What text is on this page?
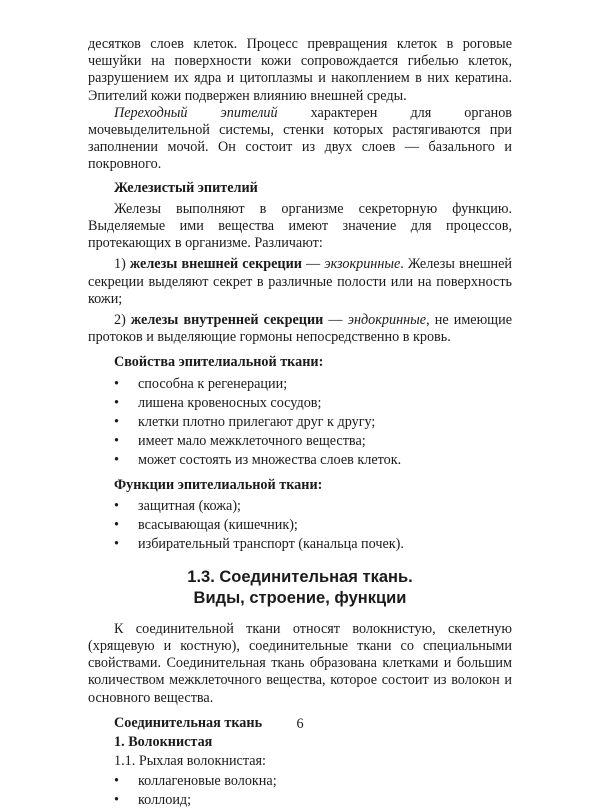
десятков слоев клеток. Процесс превращения клеток в роговые чешуйки на поверхности кожи сопровождается гибелью клеток, разрушением их ядра и цитоплазмы и накоплением в них кератина. Эпителий кожи подвержен влиянию внешней среды.

Переходный эпителий характерен для органов мочевыделительной системы, стенки которых растягиваются при заполнении мочой. Он состоит из двух слоев — базального и покровного.

Железистый эпителий

Железы выполняют в организме секреторную функцию. Выделяемые ими вещества имеют значение для процессов, протекающих в организме. Различают:

1) железы внешней секреции — экзокринные. Железы внешней секреции выделяют секрет в различные полости или на поверхность кожи;

2) железы внутренней секреции — эндокринные, не имеющие протоков и выделяющие гормоны непосредственно в кровь.

Свойства эпителиальной ткани:
• способна к регенерации;
• лишена кровеносных сосудов;
• клетки плотно прилегают друг к другу;
• имеет мало межклеточного вещества;
• может состоять из множества слоев клеток.
Функции эпителиальной ткани:
• защитная (кожа);
• всасывающая (кишечник);
• избирательный транспорт (канальца почек).
1.3. Соединительная ткань.
Виды, строение, функции

К соединительной ткани относят волокнистую, скелетную (хрящевую и костную), соединительные ткани со специальными свойствами. Соединительная ткань образована клетками и большим количеством межклеточного вещества, которое состоит из волокон и основного вещества.

Соединительная ткань
1. Волокнистая
1.1. Рыхлая волокнистая:
• коллагеновые волокна;
• коллоид;
6
